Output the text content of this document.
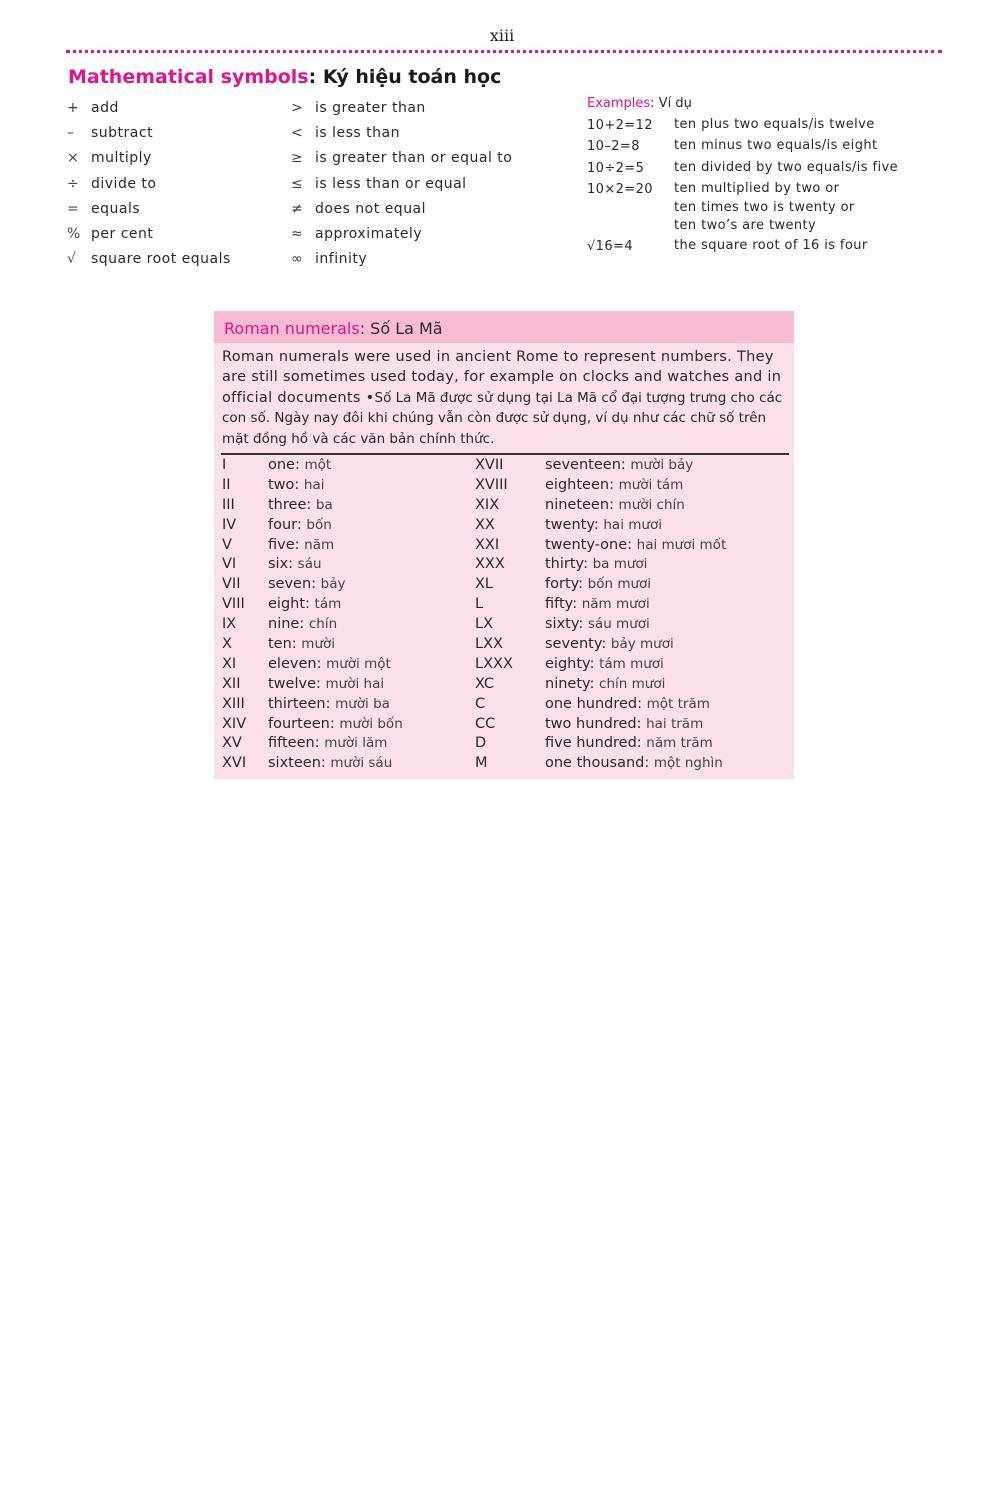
xiii
Mathematical symbols: Ký hiệu toán học
+ add
– subtract
× multiply
÷ divide to
= equals
% per cent
√ square root equals
> is greater than
< is less than
≥ is greater than or equal to
≤ is less than or equal
≠ does not equal
≈ approximately
∞ infinity
Examples: Ví dụ
10+2=12	ten plus two equals/is twelve
10–2=8	ten minus two equals/is eight
10÷2=5	ten divided by two equals/is five
10×2=20	ten multiplied by two or
ten times two is twenty or
ten two’s are twenty
√16=4	the square root of 16 is four
Roman numerals: Số La Mã
Roman numerals were used in ancient Rome to represent numbers. They are still sometimes used today, for example on clocks and watches and in official documents •Số La Mã được sử dụng tại La Mã cổ đại tượng trưng cho các con số. Ngày nay đôi khi chúng vẫn còn được sử dụng, ví dụ như các chữ số trên mặt đồng hồ và các văn bản chính thức.
I	one: một
II	two: hai
III three: ba
IV four: bốn
V five: năm
VI six: sáu
VII seven: bảy
VIII eight: tám
IX nine: chín
X ten: mười
XI eleven: mười một
XII twelve: mười hai
XIII thirteen: mười ba
XIV fourteen: mười bốn
XV fifteen: mười lăm
XVI sixteen: mười sáu
XVII	seventeen: mười bảy
XVIII	eighteen: mười tám
XIX	nineteen: mười chín
XX	twenty: hai mươi
XXI	twenty-one: hai mươi mốt
XXX	thirty: ba mươi
XL	forty: bốn mươi
L	fifty: năm mươi
LX	sixty: sáu mươi
LXX	seventy: bảy mươi
LXXX eighty: tám mươi
XC	ninety: chín mươi
C	one hundred: một trăm
CC	two hundred: hai trăm
D	five hundred: năm trăm
M	one thousand: một nghìn
